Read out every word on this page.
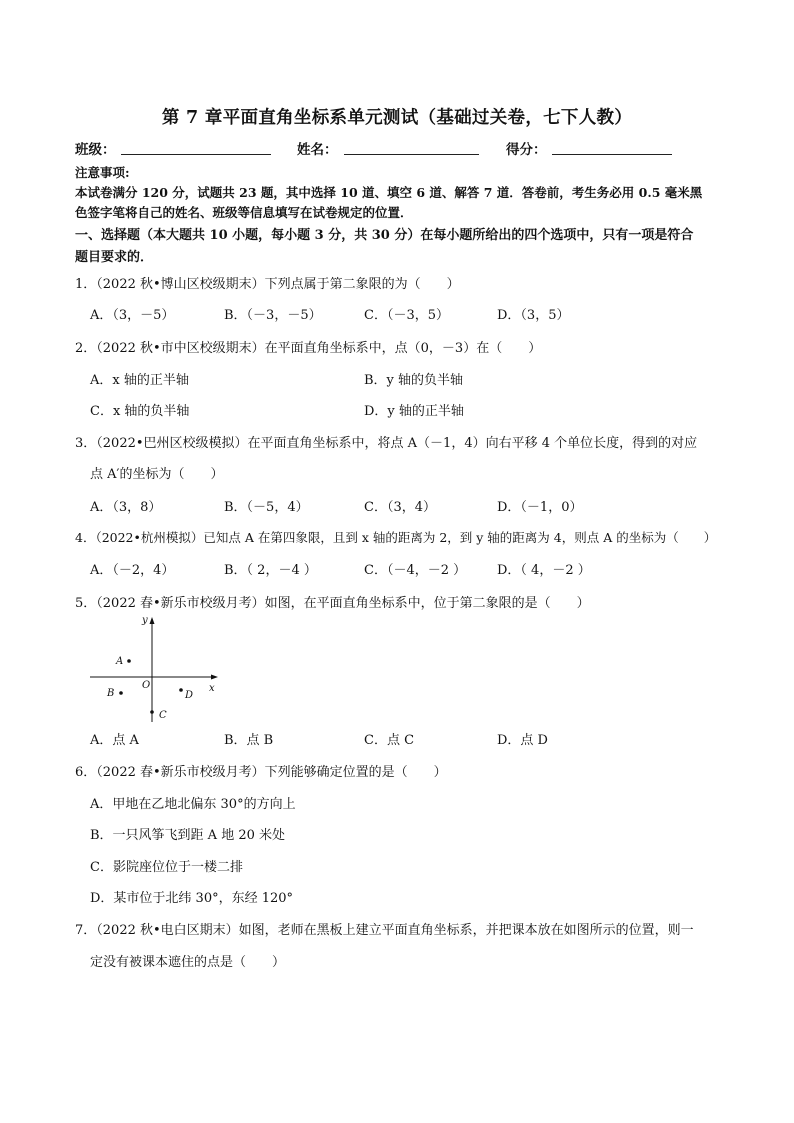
第 7 章平面直角坐标系单元测试（基础过关卷，七下人教）
班级：	姓名：	得分：
注意事项:
本试卷满分 120 分，试题共 23 题，其中选择 10 道、填空 6 道、解答 7 道．答卷前，考生务必用 0.5 毫米黑
色签字笔将自己的姓名、班级等信息填写在试卷规定的位置．
一、选择题（本大题共 10 小题，每小题 3 分，共 30 分）在每小题所给出的四个选项中，只有一项是符合
题目要求的．
1．（2022 秋•博山区校级期末）下列点属于第二象限的为（　　）
A．（3，－5）	B．（－3，－5）	C．（－3，5）	D．（3，5）
2．（2022 秋•市中区校级期末）在平面直角坐标系中，点（0，－3）在（　　）
A．x 轴的正半轴	B．y 轴的负半轴
C．x 轴的负半轴	D．y 轴的正半轴
3．（2022•巴州区校级模拟）在平面直角坐标系中，将点 A（－1，4）向右平移 4 个单位长度，得到的对应
点 A′的坐标为（　　）
A．（3，8）	B．（－5，4）	C．（3，4）	D．（－1，0）
4．（2022•杭州模拟）已知点 A 在第四象限，且到 x 轴的距离为 2，到 y 轴的距离为 4，则点 A 的坐标为（　　）
A．（－2，4）	B．（ 2，－4 ）	C．（－4，－2 ） D．（ 4，－2 ）
5．（2022 春•新乐市校级月考）如图，在平面直角坐标系中，位于第二象限的是（　　）
y
x
O
A
B
C
D
A．点 A	B．点 B	C．点 C	D．点 D
6．（2022 春•新乐市校级月考）下列能够确定位置的是（　　）
A．甲地在乙地北偏东 30°的方向上
B．一只风筝飞到距 A 地 20 米处
C．影院座位位于一楼二排
D．某市位于北纬 30°，东经 120°
7．（2022 秋•电白区期末）如图，老师在黑板上建立平面直角坐标系，并把课本放在如图所示的位置，则一
定没有被课本遮住的点是（　　）
